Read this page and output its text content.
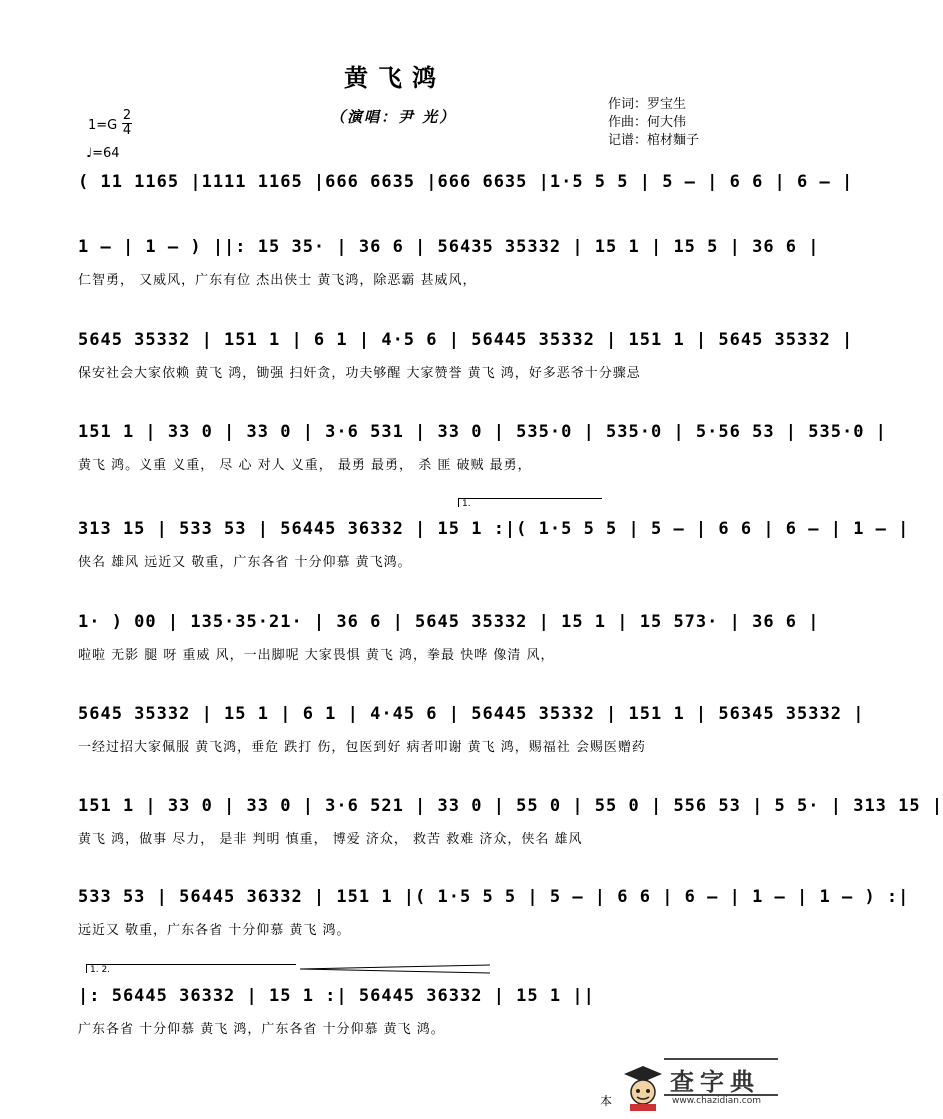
黄飞鸿
（演唱：尹 光）
作词：罗宝生
作曲：何大伟
记谱：棺材麵子
1=G
2
4
♩=64
( 11 1165 |1111 1165 |666 6635 |666 6635 |1·5 5 5 | 5 – | 6 6 | 6 – |
1 – | 1 – ) ||: 15 35· | 36 6 | 56435 35332 | 15 1 | 15 5 | 36 6 |
仁智勇， 又威风，广东有位 杰出侠士 黄飞鸿，除恶霸 甚威风，
5645 35332 | 151 1 | 6 1 | 4·5 6 | 56445 35332 | 151 1 | 5645 35332 |
保安社会大家依赖 黄飞 鸿，锄强 扫奸贪，功夫够醒 大家赞誉 黄飞 鸿，好多恶爷十分骤忌
151 1 | 33 0 | 33 0 | 3·6 531 | 33 0 | 535·0 | 535·0 | 5·56 53 | 535·0 |
黄飞 鸿。义重 义重， 尽 心 对人 义重， 最勇 最勇， 杀 匪 破贼 最勇，
1.
313 15 | 533 53 | 56445 36332 | 15 1 :|( 1·5 5 5 | 5 – | 6 6 | 6 – | 1 – |
侠名 雄风 远近又 敬重，广东各省 十分仰慕 黄飞鸿。
1· ) 00 | 135·35·21· | 36 6 | 5645 35332 | 15 1 | 15 573· | 36 6 |
啦啦 无影 腿 呀 重威 风，一出脚呢 大家畏惧 黄飞 鸿，拳最 快哗 像清 风，
5645 35332 | 15 1 | 6 1 | 4·45 6 | 56445 35332 | 151 1 | 56345 35332 |
一经过招大家佩服 黄飞鸿，垂危 跌打 伤，包医到好 病者叩谢 黄飞 鸿，赐福社 会赐医赠药
151 1 | 33 0 | 33 0 | 3·6 521 | 33 0 | 55 0 | 55 0 | 556 53 | 5 5· | 313 15 |
黄飞 鸿，做事 尽力， 是非 判明 慎重， 博爱 济众， 救苦 救难 济众，侠名 雄风
533 53 | 56445 36332 | 151 1 |( 1·5 5 5 | 5 – | 6 6 | 6 – | 1 – | 1 – ) :|
远近又 敬重，广东各省 十分仰慕 黄飞 鸿。
1. 2.
|: 56445 36332 | 15 1 :| 56445 36332 | 15 1 ||
广东各省 十分仰慕 黄飞 鸿，广东各省 十分仰慕 黄飞 鸿。
本
查字典
www.chazidian.com
